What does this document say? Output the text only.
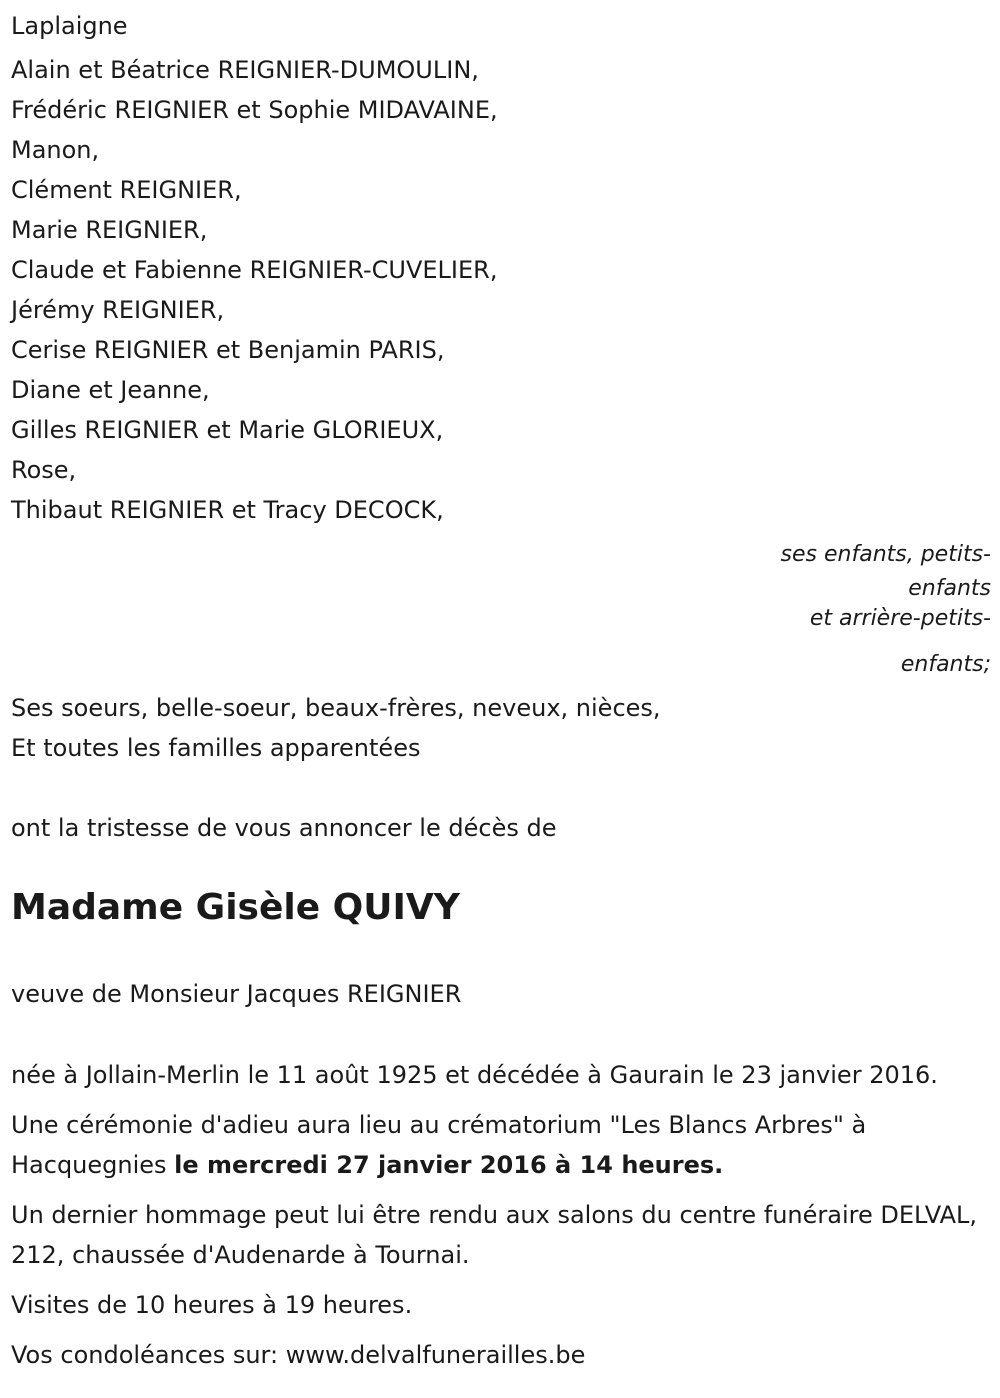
Laplaigne

Alain et Béatrice REIGNIER-DUMOULIN,

Frédéric REIGNIER et Sophie MIDAVAINE,

Manon,

Clément REIGNIER,

Marie REIGNIER,

Claude et Fabienne REIGNIER-CUVELIER,

Jérémy REIGNIER,

Cerise REIGNIER et Benjamin PARIS,

Diane et Jeanne,

Gilles REIGNIER et Marie GLORIEUX,

Rose,

Thibaut REIGNIER et Tracy DECOCK,

ses enfants, petits-
enfants
et arrière-petits-
enfants;

Ses soeurs, belle-soeur, beaux-frères, neveux, nièces,

Et toutes les familles apparentées

ont la tristesse de vous annoncer le décès de

Madame Gisèle QUIVY

veuve de Monsieur Jacques REIGNIER

née à Jollain-Merlin le 11 août 1925 et décédée à Gaurain le 23 janvier 2016.

Une cérémonie d'adieu aura lieu au crématorium "Les Blancs Arbres" à Hacquegnies le mercredi 27 janvier 2016 à 14 heures.

Un dernier hommage peut lui être rendu aux salons du centre funéraire DELVAL, 212, chaussée d'Audenarde à Tournai.

Visites de 10 heures à 19 heures.

Vos condoléances sur: www.delvalfunerailles.be
